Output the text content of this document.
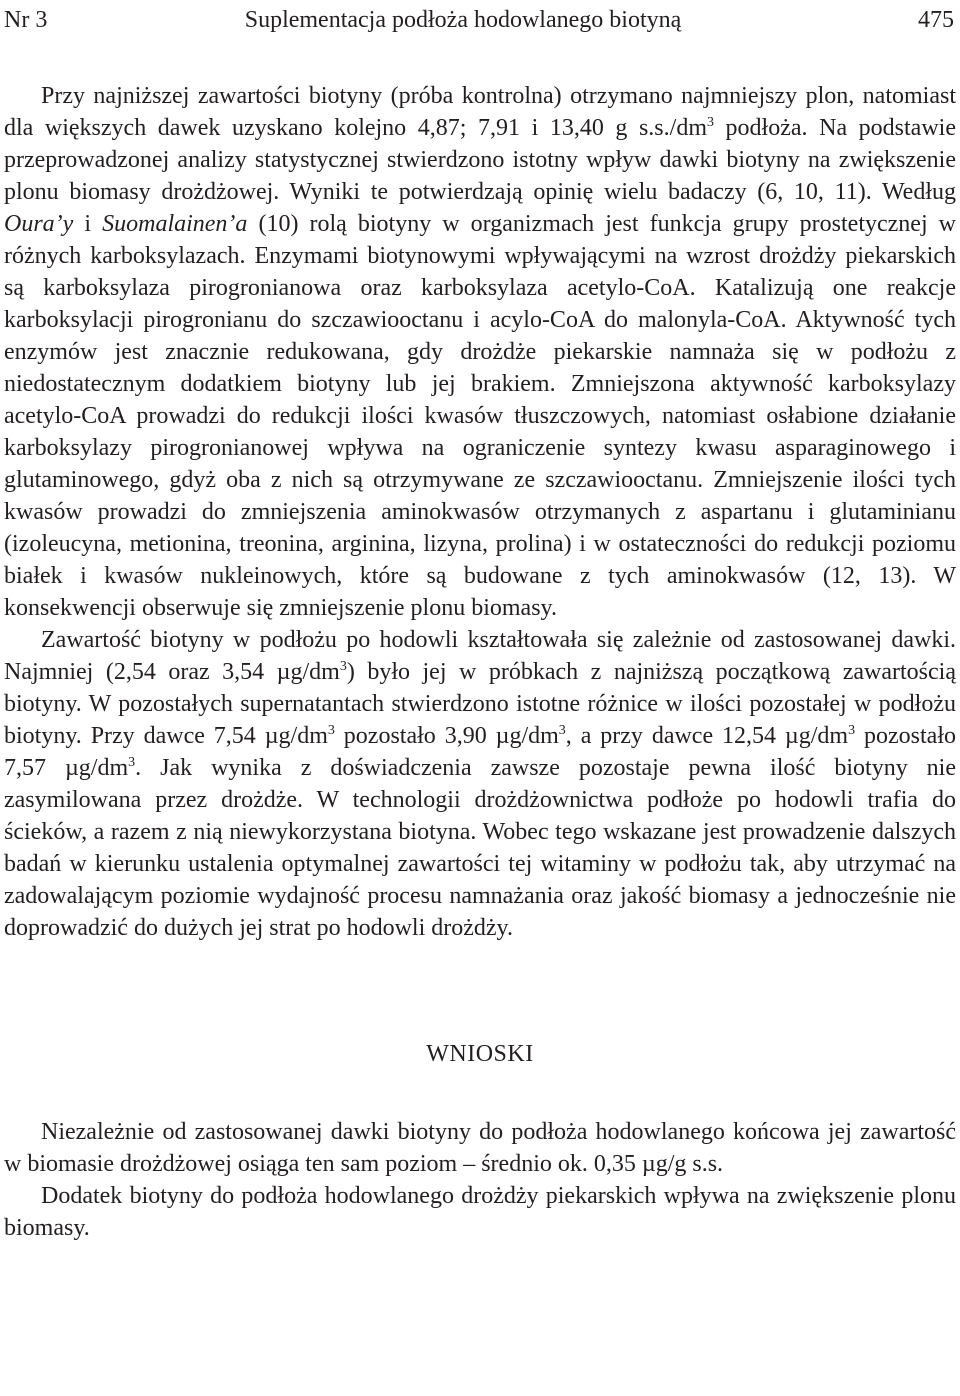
Nr 3	Suplementacja podłoża hodowlanego biotyną	475

Przy najniższej zawartości biotyny (próba kontrolna) otrzymano najmniejszy plon, natomiast dla większych dawek uzyskano kolejno 4,87; 7,91 i 13,40 g $s.s./dm^3$ podłoża. Na podstawie przeprowadzonej analizy statystycznej stwierdzono istotny wpływ dawki biotyny na zwiększenie plonu biomasy drożdżowej. Wyniki te potwierdzają opinię wielu badaczy (6, 10, 11). Według Oura’y i Suomalainen’a (10) rolą biotyny w organizmach jest funkcja grupy prostetycznej w różnych karboksylazach. Enzymami biotynowymi wpływającymi na wzrost drożdży piekarskich są karboksylaza pirogronianowa oraz karboksylaza acetylo-CoA. Katalizują one reakcje karboksylacji pirogronianu do szczawiooctanu i acylo-CoA do malonyla-CoA. Aktywność tych enzymów jest znacznie redukowana, gdy drożdże piekarskie namnaża się w podłożu z niedostatecznym dodatkiem biotyny lub jej brakiem. Zmniejszona aktywność karboksylazy acetylo-CoA prowadzi do redukcji ilości kwasów tłuszczowych, natomiast osłabione działanie karboksylazy pirogronianowej wpływa na ograniczenie syntezy kwasu asparaginowego i glutaminowego, gdyż oba z nich są otrzymywane ze szczawiooctanu. Zmniejszenie ilości tych kwasów prowadzi do zmniejszenia aminokwasów otrzymanych z aspartanu i glutaminianu (izoleucyna, metionina, treonina, arginina, lizyna, prolina) i w ostateczności do redukcji poziomu białek i kwasów nukleinowych, które są budowane z tych aminokwasów (12, 13). W konsekwencji obserwuje się zmniejszenie plonu biomasy.

Zawartość biotyny w podłożu po hodowli kształtowała się zależnie od zastosowanej dawki. Najmniej (2,54 oraz 3,54 $\mu g/dm^3$) było jej w próbkach z najniższą początkową zawartością biotyny. W pozostałych supernatantach stwierdzono istotne różnice w ilości pozostałej w podłożu biotyny. Przy dawce 7,54 $\mu g/dm^3$ pozostało 3,90 $\mu g/dm^3$, a przy dawce 12,54 $\mu g/dm^3$ pozostało 7,57 $\mu g/dm^3$. Jak wynika z doświadczenia zawsze pozostaje pewna ilość biotyny nie zasymilowana przez drożdże. W technologii drożdżownictwa podłoże po hodowli trafia do ścieków, a razem z nią niewykorzystana biotyna. Wobec tego wskazane jest prowadzenie dalszych badań w kierunku ustalenia optymalnej zawartości tej witaminy w podłożu tak, aby utrzymać na zadowalającym poziomie wydajność procesu namnażania oraz jakość biomasy a jednocześnie nie doprowadzić do dużych jej strat po hodowli drożdży.

WNIOSKI

Niezależnie od zastosowanej dawki biotyny do podłoża hodowlanego końcowa jej zawartość w biomasie drożdżowej osiąga ten sam poziom – średnio ok. 0,35 µg/g s.s.

Dodatek biotyny do podłoża hodowlanego drożdży piekarskich wpływa na zwiększenie plonu biomasy.
